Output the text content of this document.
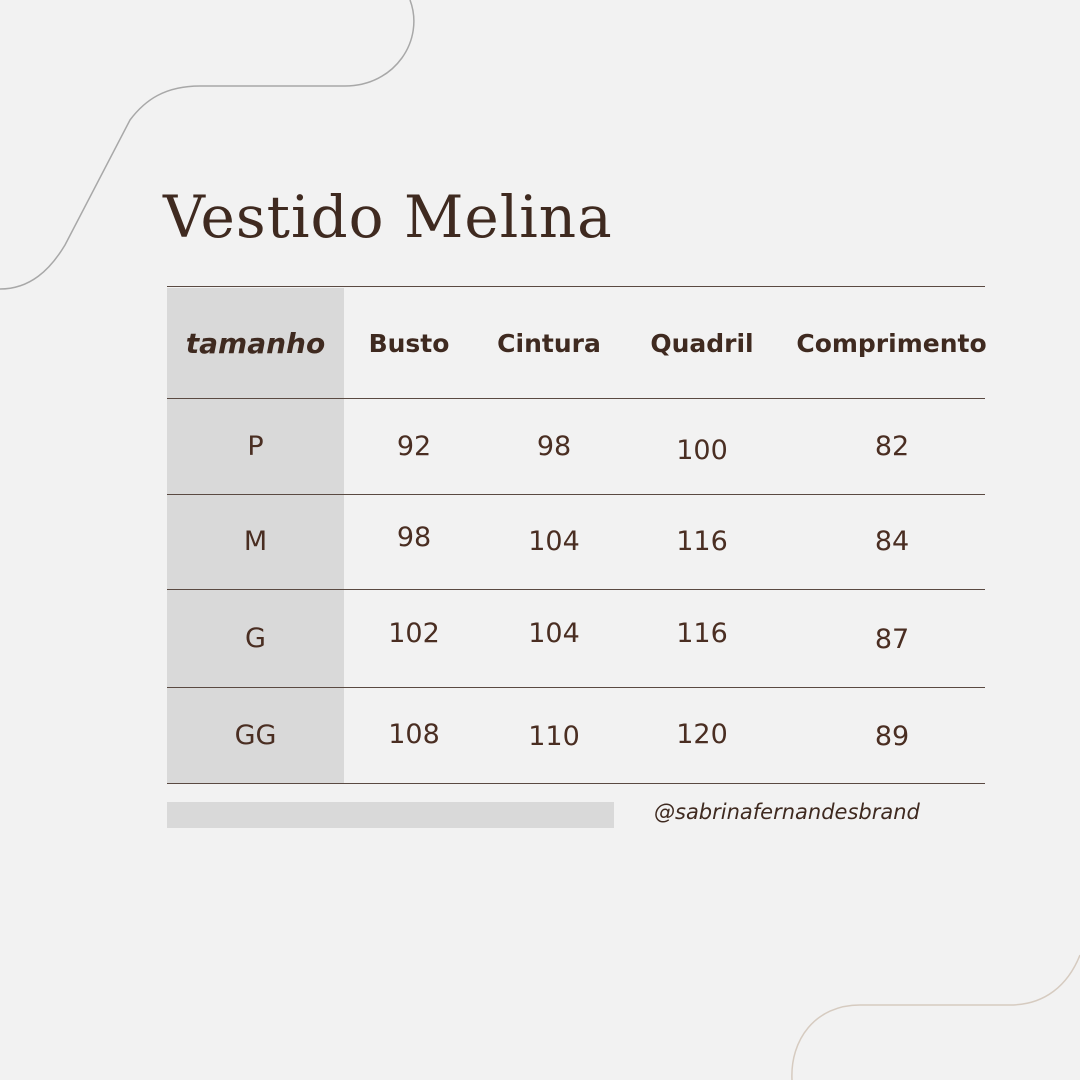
Vestido Melina
tamanho	Busto	Cintura	Quadril	Comprimento
P	92	98	100	82
M	98	104	116	84
G	102	104	116	87
GG	108	110	120	89
@sabrinafernandesbrand
